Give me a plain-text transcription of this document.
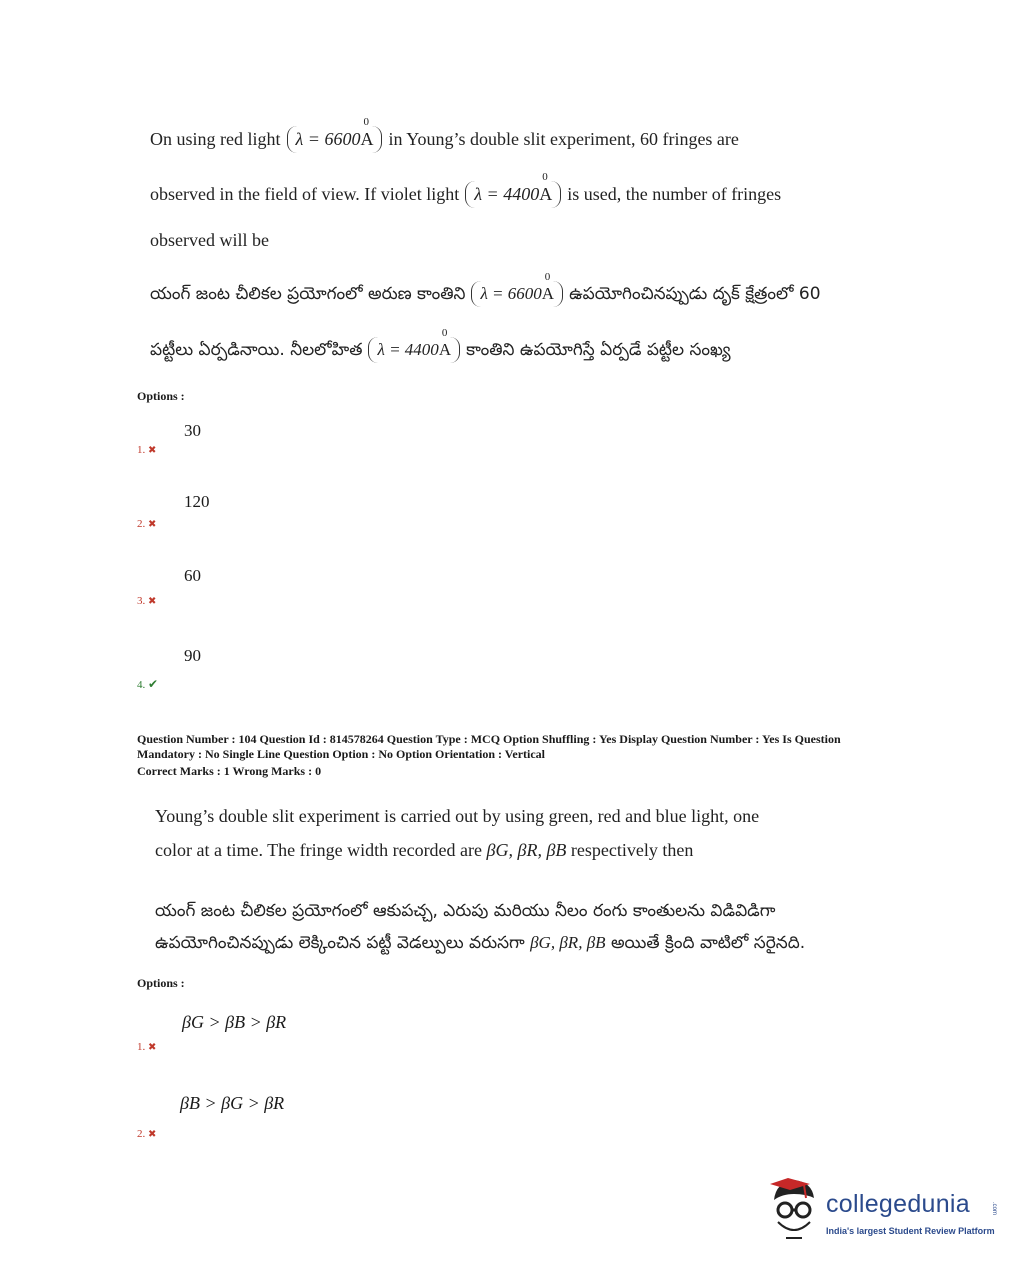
On using red light λ = 6600
0
A in Young’s double slit experiment, 60 fringes are
observed in the field of view. If violet light λ = 4400
0
A is used, the number of fringes
observed will be
యంగ్ జంట చీలికల ప్రయోగంలో అరుణ కాంతిని λ = 6600
0
A ఉపయోగించినప్పుడు దృక్ క్షేత్రంలో 60
పట్టీలు ఏర్పడినాయి. నీలలోహిత λ = 4400
0
A కాంతిని ఉపయోగిస్తే ఏర్పడే పట్టీల సంఖ్య
Options :
30
1. ✖
120
2. ✖
60
3. ✖
90
4. ✔
Question Number : 104 Question Id : 814578264 Question Type : MCQ Option Shuffling : Yes Display Question Number : Yes Is Question
Mandatory : No Single Line Question Option : No Option Orientation : Vertical
Correct Marks : 1 Wrong Marks : 0
Young’s double slit experiment is carried out by using green, red and blue light, one
color at a time. The fringe width recorded are βG, βR, βB respectively then
యంగ్ జంట చీలికల ప్రయోగంలో ఆకుపచ్చ, ఎరుపు మరియు నీలం రంగు కాంతులను విడివిడిగా
ఉపయోగించినప్పుడు లెక్కించిన పట్టీ వెడల్పులు వరుసగా βG, βR, βB అయితే క్రింది వాటిలో సరైనది.
Options :
βG > βB > βR
1. ✖
βB > βG > βR
2. ✖
collegedunia	.com
India's largest Student Review Platform
